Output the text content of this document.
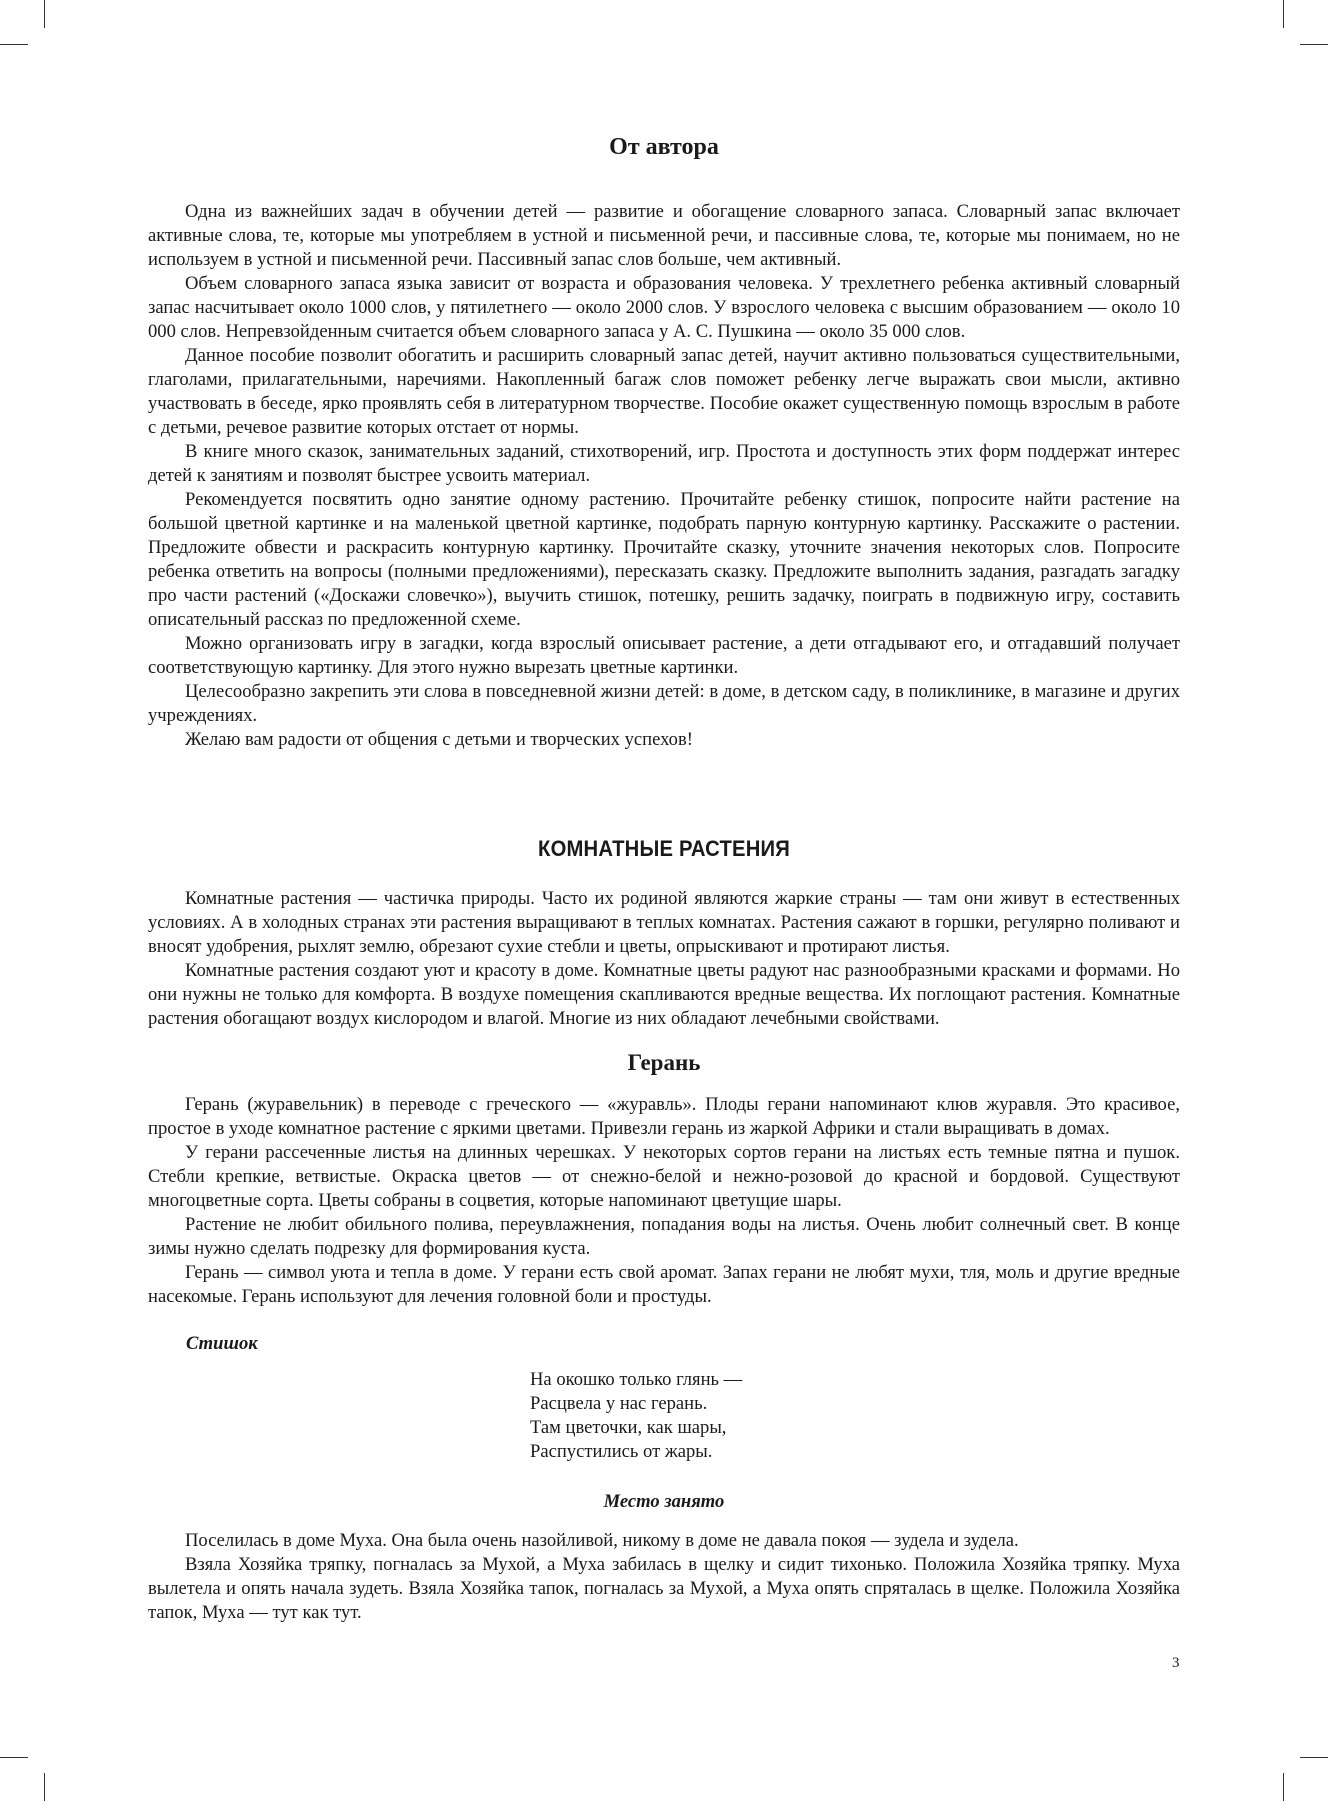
От автора

Одна из важнейших задач в обучении детей — развитие и обогащение словарного запаса. Словарный запас включает активные слова, те, которые мы употребляем в устной и письменной речи, и пассивные слова, те, которые мы понимаем, но не используем в устной и письменной речи. Пассивный запас слов больше, чем активный.

Объем словарного запаса языка зависит от возраста и образования человека. У трехлетнего ребенка активный словарный запас насчитывает около 1000 слов, у пятилетнего — около 2000 слов. У взрослого человека с высшим образованием — около 10 000 слов. Непревзойденным считается объем словарного запаса у А. С. Пушкина — около 35 000 слов.

Данное пособие позволит обогатить и расширить словарный запас детей, научит активно пользоваться существительными, глаголами, прилагательными, наречиями. Накопленный багаж слов поможет ребенку легче выражать свои мысли, активно участвовать в беседе, ярко проявлять себя в литературном творчестве. Пособие окажет существенную помощь взрослым в работе с детьми, речевое развитие которых отстает от нормы.

В книге много сказок, занимательных заданий, стихотворений, игр. Простота и доступность этих форм поддержат интерес детей к занятиям и позволят быстрее усвоить материал.

Рекомендуется посвятить одно занятие одному растению. Прочитайте ребенку стишок, попросите найти растение на большой цветной картинке и на маленькой цветной картинке, подобрать парную контурную картинку. Расскажите о растении. Предложите обвести и раскрасить контурную картинку. Прочитайте сказку, уточните значения некоторых слов. Попросите ребенка ответить на вопросы (полными предложениями), пересказать сказку. Предложите выполнить задания, разгадать загадку про части растений («Доскажи словечко»), выучить стишок, потешку, решить задачку, поиграть в подвижную игру, составить описательный рассказ по предложенной схеме.

Можно организовать игру в загадки, когда взрослый описывает растение, а дети отгадывают его, и отгадавший получает соответствующую картинку. Для этого нужно вырезать цветные картинки.

Целесообразно закрепить эти слова в повседневной жизни детей: в доме, в детском саду, в поликлинике, в магазине и других учреждениях.

Желаю вам радости от общения с детьми и творческих успехов!

КОМНАТНЫЕ РАСТЕНИЯ

Комнатные растения — частичка природы. Часто их родиной являются жаркие страны — там они живут в естественных условиях. А в холодных странах эти растения выращивают в теплых комнатах. Растения сажают в горшки, регулярно поливают и вносят удобрения, рыхлят землю, обрезают сухие стебли и цветы, опрыскивают и протирают листья.

Комнатные растения создают уют и красоту в доме. Комнатные цветы радуют нас разнообразными красками и формами. Но они нужны не только для комфорта. В воздухе помещения скапливаются вредные вещества. Их поглощают растения. Комнатные растения обогащают воздух кислородом и влагой. Многие из них обладают лечебными свойствами.

Герань

Герань (журавельник) в переводе с греческого — «журавль». Плоды герани напоминают клюв журавля. Это красивое, простое в уходе комнатное растение с яркими цветами. Привезли герань из жаркой Африки и стали выращивать в домах.

У герани рассеченные листья на длинных черешках. У некоторых сортов герани на листьях есть темные пятна и пушок. Стебли крепкие, ветвистые. Окраска цветов — от снежно-белой и нежно-розовой до красной и бордовой. Существуют многоцветные сорта. Цветы собраны в соцветия, которые напоминают цветущие шары.

Растение не любит обильного полива, переувлажнения, попадания воды на листья. Очень любит солнечный свет. В конце зимы нужно сделать подрезку для формирования куста.

Герань — символ уюта и тепла в доме. У герани есть свой аромат. Запах герани не любят мухи, тля, моль и другие вредные насекомые. Герань используют для лечения головной боли и простуды.

Стишок
На окошко только глянь —
Расцвела у нас герань.
Там цветочки, как шары,
Распустились от жары.
Место занято

Поселилась в доме Муха. Она была очень назойливой, никому в доме не давала покоя — зудела и зудела.

Взяла Хозяйка тряпку, погналась за Мухой, а Муха забилась в щелку и сидит тихонько. Положила Хозяйка тряпку. Муха вылетела и опять начала зудеть. Взяла Хозяйка тапок, погналась за Мухой, а Муха опять спряталась в щелке. Положила Хозяйка тапок, Муха — тут как тут.

3
